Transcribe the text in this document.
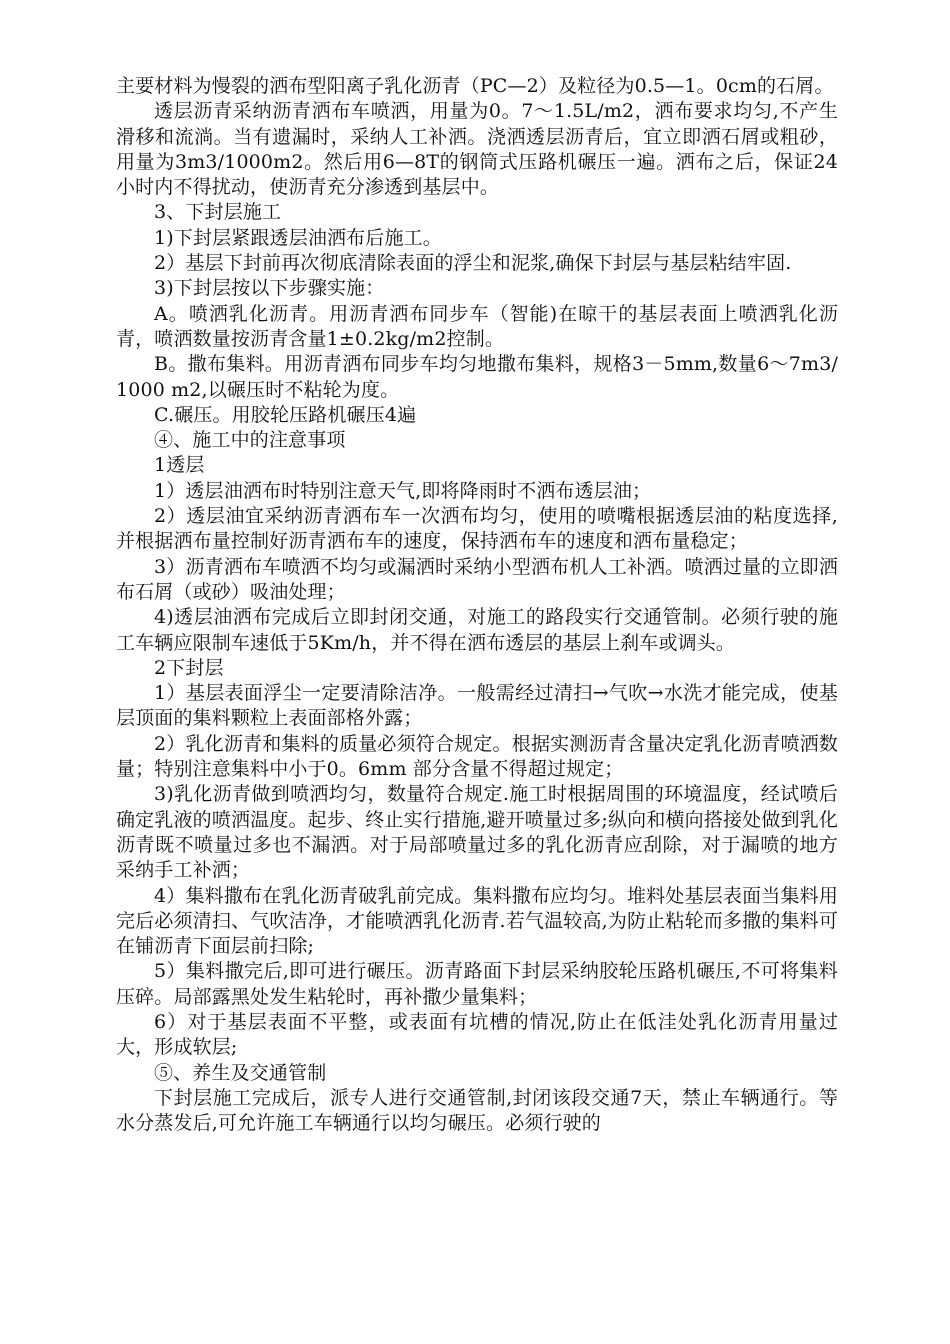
主要材料为慢裂的洒布型阳离子乳化沥青（PC—2）及粒径为0.5—1。0cm的石屑。

透层沥青采纳沥青洒布车喷洒，用量为0。7～1.5L/m2，洒布要求均匀,不产生滑移和流淌。当有遗漏时，采纳人工补洒。浇洒透层沥青后，宜立即洒石屑或粗砂，用量为3m3/1000m2。然后用6—8T的钢筒式压路机碾压一遍。洒布之后，保证24小时内不得扰动，使沥青充分渗透到基层中。

3、下封层施工

1)下封层紧跟透层油洒布后施工。

2）基层下封前再次彻底清除表面的浮尘和泥浆,确保下封层与基层粘结牢固.

3)下封层按以下步骤实施：

A。喷洒乳化沥青。用沥青洒布同步车（智能)在晾干的基层表面上喷洒乳化沥青，喷洒数量按沥青含量1±0.2kg/m2控制。

B。撒布集料。用沥青洒布同步车均匀地撒布集料，规格3－5mm,数量6～7m3/1000 m2,以碾压时不粘轮为度。

C.碾压。用胶轮压路机碾压4遍

④、施工中的注意事项

1透层

1）透层油洒布时特别注意天气,即将降雨时不洒布透层油；

2）透层油宜采纳沥青洒布车一次洒布均匀，使用的喷嘴根据透层油的粘度选择,并根据洒布量控制好沥青洒布车的速度，保持洒布车的速度和洒布量稳定；

3）沥青洒布车喷洒不均匀或漏洒时采纳小型洒布机人工补洒。喷洒过量的立即洒布石屑（或砂）吸油处理；

4)透层油洒布完成后立即封闭交通，对施工的路段实行交通管制。必须行驶的施工车辆应限制车速低于5Km/h，并不得在洒布透层的基层上刹车或调头。

2下封层

1）基层表面浮尘一定要清除洁净。一般需经过清扫→气吹→水洗才能完成，使基层顶面的集料颗粒上表面部格外露；

2）乳化沥青和集料的质量必须符合规定。根据实测沥青含量决定乳化沥青喷洒数量；特别注意集料中小于0。6mm 部分含量不得超过规定；

3)乳化沥青做到喷洒均匀，数量符合规定.施工时根据周围的环境温度，经试喷后确定乳液的喷洒温度。起步、终止实行措施,避开喷量过多;纵向和横向搭接处做到乳化沥青既不喷量过多也不漏洒。对于局部喷量过多的乳化沥青应刮除，对于漏喷的地方采纳手工补洒；

4）集料撒布在乳化沥青破乳前完成。集料撒布应均匀。堆料处基层表面当集料用完后必须清扫、气吹洁净，才能喷洒乳化沥青.若气温较高,为防止粘轮而多撒的集料可在铺沥青下面层前扫除;

5）集料撒完后,即可进行碾压。沥青路面下封层采纳胶轮压路机碾压,不可将集料压碎。局部露黑处发生粘轮时，再补撒少量集料；

6）对于基层表面不平整，或表面有坑槽的情况,防止在低洼处乳化沥青用量过大，形成软层;

⑤、养生及交通管制

下封层施工完成后，派专人进行交通管制,封闭该段交通7天，禁止车辆通行。等水分蒸发后,可允许施工车辆通行以均匀碾压。必须行驶的
